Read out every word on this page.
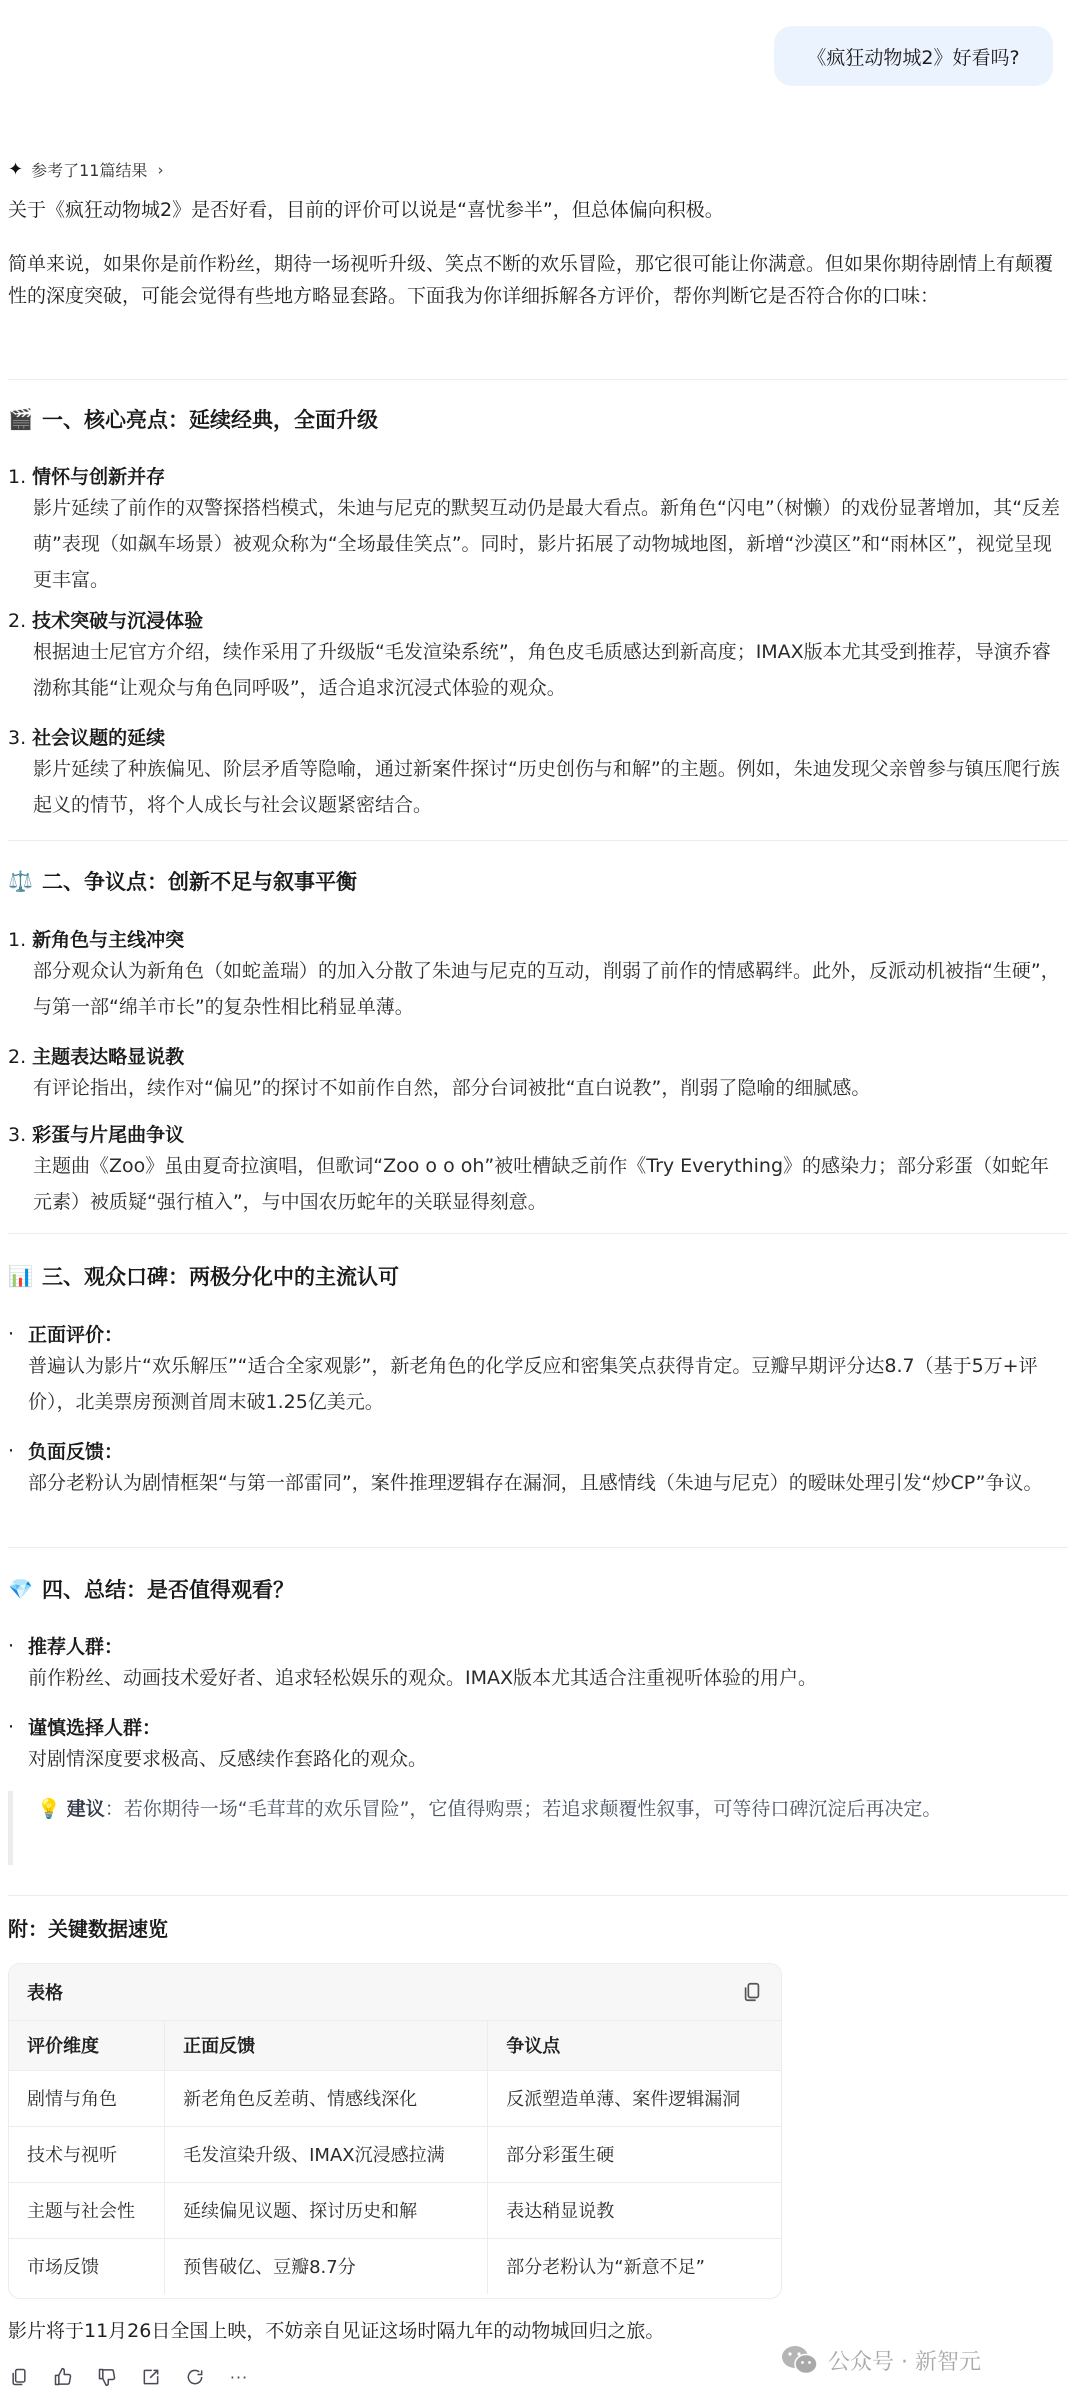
《疯狂动物城2》好看吗?
✦ 参考了11篇结果 ›
关于《疯狂动物城2》是否好看，目前的评价可以说是“喜忧参半”，但总体偏向积极。
简单来说，如果你是前作粉丝，期待一场视听升级、笑点不断的欢乐冒险，那它很可能让你满意。但如果你期待剧情上有颠覆性的深度突破，可能会觉得有些地方略显套路。下面我为你详细拆解各方评价，帮你判断它是否符合你的口味：
🎬 一、核心亮点：延续经典，全面升级
1. 情怀与创新并存
影片延续了前作的双警探搭档模式，朱迪与尼克的默契互动仍是最大看点。新角色“闪电”（树懒）的戏份显著增加，其“反差萌”表现（如飙车场景）被观众称为“全场最佳笑点”。同时，影片拓展了动物城地图，新增“沙漠区”和“雨林区”，视觉呈现更丰富。
2. 技术突破与沉浸体验
根据迪士尼官方介绍，续作采用了升级版“毛发渲染系统”，角色皮毛质感达到新高度；IMAX版本尤其受到推荐，导演乔睿渤称其能“让观众与角色同呼吸”，适合追求沉浸式体验的观众。
3. 社会议题的延续
影片延续了种族偏见、阶层矛盾等隐喻，通过新案件探讨“历史创伤与和解”的主题。例如，朱迪发现父亲曾参与镇压爬行族起义的情节，将个人成长与社会议题紧密结合。
⚖️ 二、争议点：创新不足与叙事平衡
1. 新角色与主线冲突
部分观众认为新角色（如蛇盖瑞）的加入分散了朱迪与尼克的互动，削弱了前作的情感羁绊。此外，反派动机被指“生硬”，与第一部“绵羊市长”的复杂性相比稍显单薄。
2. 主题表达略显说教
有评论指出，续作对“偏见”的探讨不如前作自然，部分台词被批“直白说教”，削弱了隐喻的细腻感。
3. 彩蛋与片尾曲争议
主题曲《Zoo》虽由夏奇拉演唱，但歌词“Zoo o o oh”被吐槽缺乏前作《Try Everything》的感染力；部分彩蛋（如蛇年元素）被质疑“强行植入”，与中国农历蛇年的关联显得刻意。
📊 三、观众口碑：两极分化中的主流认可
· 正面评价：
普遍认为影片“欢乐解压”“适合全家观影”，新老角色的化学反应和密集笑点获得肯定。豆瓣早期评分达8.7（基于5万+评价），北美票房预测首周末破1.25亿美元。
· 负面反馈：
部分老粉认为剧情框架“与第一部雷同”，案件推理逻辑存在漏洞，且感情线（朱迪与尼克）的暧昧处理引发“炒CP”争议。
💎 四、总结：是否值得观看？
· 推荐人群：
前作粉丝、动画技术爱好者、追求轻松娱乐的观众。IMAX版本尤其适合注重视听体验的用户。
· 谨慎选择人群：
对剧情深度要求极高、反感续作套路化的观众。
💡 建议：若你期待一场“毛茸茸的欢乐冒险”，它值得购票；若追求颠覆性叙事，可等待口碑沉淀后再决定。
附：关键数据速览
表格
评价维度	正面反馈	争议点
剧情与角色	新老角色反差萌、情感线深化	反派塑造单薄、案件逻辑漏洞
技术与视听	毛发渲染升级、IMAX沉浸感拉满	部分彩蛋生硬
主题与社会性	延续偏见议题、探讨历史和解	表达稍显说教
市场反馈	预售破亿、豆瓣8.7分	部分老粉认为“新意不足”
影片将于11月26日全国上映，不妨亲自见证这场时隔九年的动物城回归之旅。
···
公众号 · 新智元
